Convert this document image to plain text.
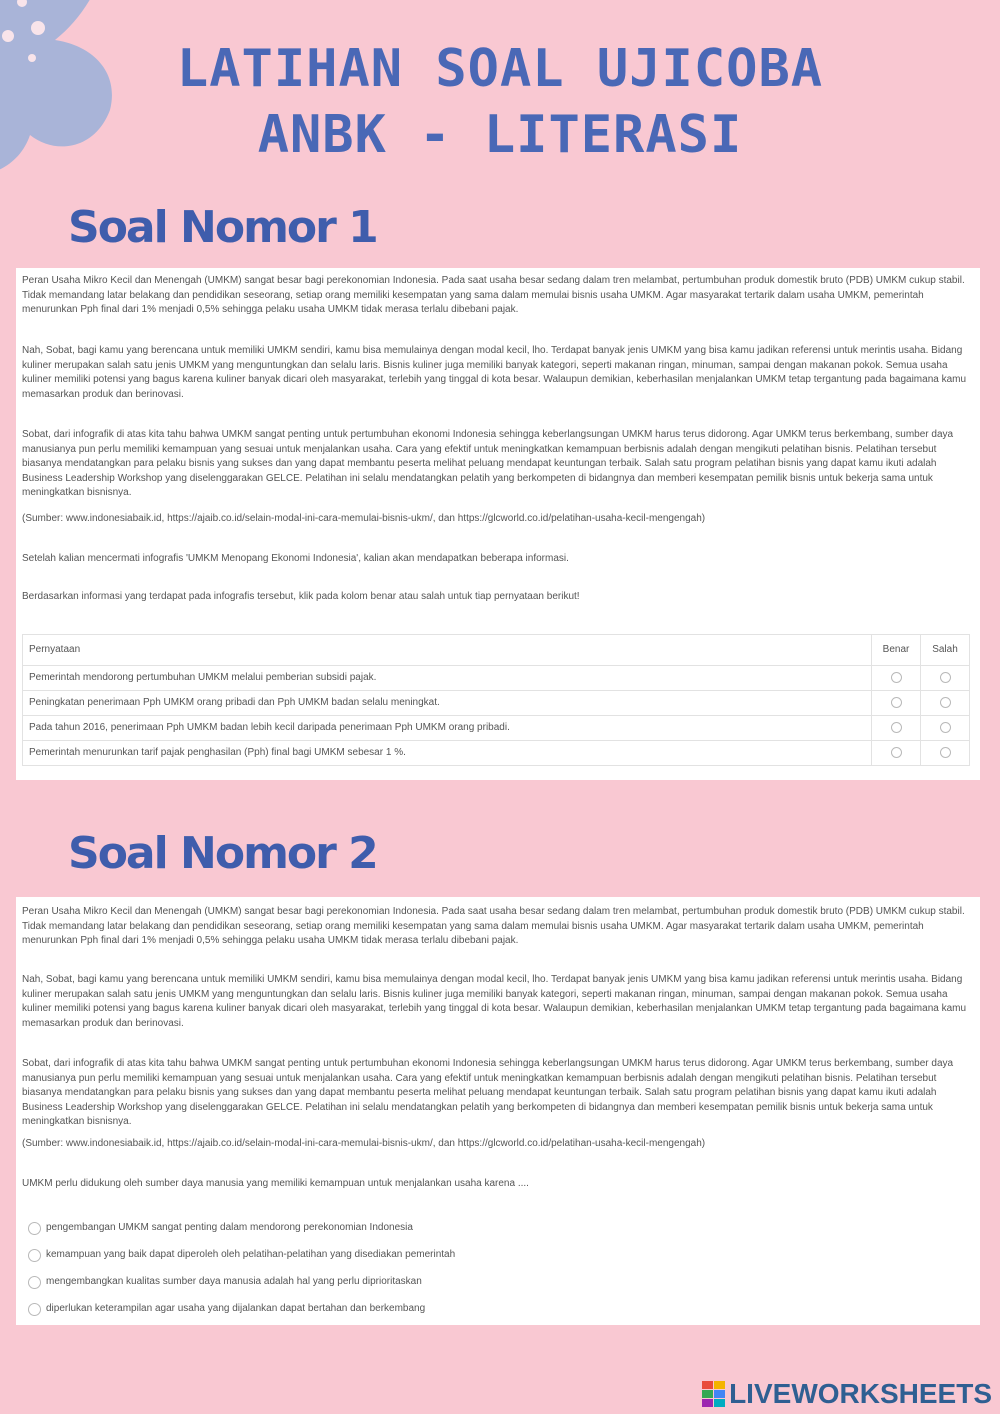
LATIHAN SOAL UJICOBA
ANBK - LITERASI
Soal Nomor 1

Peran Usaha Mikro Kecil dan Menengah (UMKM) sangat besar bagi perekonomian Indonesia. Pada saat usaha besar sedang dalam tren melambat, pertumbuhan produk domestik bruto (PDB) UMKM cukup stabil. Tidak memandang latar belakang dan pendidikan seseorang, setiap orang memiliki kesempatan yang sama dalam memulai bisnis usaha UMKM. Agar masyarakat tertarik dalam usaha UMKM, pemerintah menurunkan Pph final dari 1% menjadi 0,5% sehingga pelaku usaha UMKM tidak merasa terlalu dibebani pajak.

Nah, Sobat, bagi kamu yang berencana untuk memiliki UMKM sendiri, kamu bisa memulainya dengan modal kecil, lho. Terdapat banyak jenis UMKM yang bisa kamu jadikan referensi untuk merintis usaha. Bidang kuliner merupakan salah satu jenis UMKM yang menguntungkan dan selalu laris. Bisnis kuliner juga memiliki banyak kategori, seperti makanan ringan, minuman, sampai dengan makanan pokok. Semua usaha kuliner memiliki potensi yang bagus karena kuliner banyak dicari oleh masyarakat, terlebih yang tinggal di kota besar. Walaupun demikian, keberhasilan menjalankan UMKM tetap tergantung pada bagaimana kamu memasarkan produk dan berinovasi.

Sobat, dari infografik di atas kita tahu bahwa UMKM sangat penting untuk pertumbuhan ekonomi Indonesia sehingga keberlangsungan UMKM harus terus didorong. Agar UMKM terus berkembang, sumber daya manusianya pun perlu memiliki kemampuan yang sesuai untuk menjalankan usaha. Cara yang efektif untuk meningkatkan kemampuan berbisnis adalah dengan mengikuti pelatihan bisnis. Pelatihan tersebut biasanya mendatangkan para pelaku bisnis yang sukses dan yang dapat membantu peserta melihat peluang mendapat keuntungan terbaik. Salah satu program pelatihan bisnis yang dapat kamu ikuti adalah Business Leadership Workshop yang diselenggarakan GELCE. Pelatihan ini selalu mendatangkan pelatih yang berkompeten di bidangnya dan memberi kesempatan pemilik bisnis untuk bekerja sama untuk meningkatkan bisnisnya.

(Sumber: www.indonesiabaik.id, https://ajaib.co.id/selain-modal-ini-cara-memulai-bisnis-ukm/, dan https://glcworld.co.id/pelatihan-usaha-kecil-mengengah)

Setelah kalian mencermati infografis 'UMKM Menopang Ekonomi Indonesia', kalian akan mendapatkan beberapa informasi.

Berdasarkan informasi yang terdapat pada infografis tersebut, klik pada kolom benar atau salah untuk tiap pernyataan berikut!

Pernyataan	Benar	Salah
Pemerintah mendorong pertumbuhan UMKM melalui pemberian subsidi pajak.		
Peningkatan penerimaan Pph UMKM orang pribadi dan Pph UMKM badan selalu meningkat.		
Pada tahun 2016, penerimaan Pph UMKM badan lebih kecil daripada penerimaan Pph UMKM orang pribadi.		
Pemerintah menurunkan tarif pajak penghasilan (Pph) final bagi UMKM sebesar 1 %.		
Soal Nomor 2

Peran Usaha Mikro Kecil dan Menengah (UMKM) sangat besar bagi perekonomian Indonesia. Pada saat usaha besar sedang dalam tren melambat, pertumbuhan produk domestik bruto (PDB) UMKM cukup stabil. Tidak memandang latar belakang dan pendidikan seseorang, setiap orang memiliki kesempatan yang sama dalam memulai bisnis usaha UMKM. Agar masyarakat tertarik dalam usaha UMKM, pemerintah menurunkan Pph final dari 1% menjadi 0,5% sehingga pelaku usaha UMKM tidak merasa terlalu dibebani pajak.

Nah, Sobat, bagi kamu yang berencana untuk memiliki UMKM sendiri, kamu bisa memulainya dengan modal kecil, lho. Terdapat banyak jenis UMKM yang bisa kamu jadikan referensi untuk merintis usaha. Bidang kuliner merupakan salah satu jenis UMKM yang menguntungkan dan selalu laris. Bisnis kuliner juga memiliki banyak kategori, seperti makanan ringan, minuman, sampai dengan makanan pokok. Semua usaha kuliner memiliki potensi yang bagus karena kuliner banyak dicari oleh masyarakat, terlebih yang tinggal di kota besar. Walaupun demikian, keberhasilan menjalankan UMKM tetap tergantung pada bagaimana kamu memasarkan produk dan berinovasi.

Sobat, dari infografik di atas kita tahu bahwa UMKM sangat penting untuk pertumbuhan ekonomi Indonesia sehingga keberlangsungan UMKM harus terus didorong. Agar UMKM terus berkembang, sumber daya manusianya pun perlu memiliki kemampuan yang sesuai untuk menjalankan usaha. Cara yang efektif untuk meningkatkan kemampuan berbisnis adalah dengan mengikuti pelatihan bisnis. Pelatihan tersebut biasanya mendatangkan para pelaku bisnis yang sukses dan yang dapat membantu peserta melihat peluang mendapat keuntungan terbaik. Salah satu program pelatihan bisnis yang dapat kamu ikuti adalah Business Leadership Workshop yang diselenggarakan GELCE. Pelatihan ini selalu mendatangkan pelatih yang berkompeten di bidangnya dan memberi kesempatan pemilik bisnis untuk bekerja sama untuk meningkatkan bisnisnya.

(Sumber: www.indonesiabaik.id, https://ajaib.co.id/selain-modal-ini-cara-memulai-bisnis-ukm/, dan https://glcworld.co.id/pelatihan-usaha-kecil-mengengah)

UMKM perlu didukung oleh sumber daya manusia yang memiliki kemampuan untuk menjalankan usaha karena ....

pengembangan UMKM sangat penting dalam mendorong perekonomian Indonesia
kemampuan yang baik dapat diperoleh oleh pelatihan-pelatihan yang disediakan pemerintah
mengembangkan kualitas sumber daya manusia adalah hal yang perlu diprioritaskan
diperlukan keterampilan agar usaha yang dijalankan dapat bertahan dan berkembang
LIVEWORKSHEETS
